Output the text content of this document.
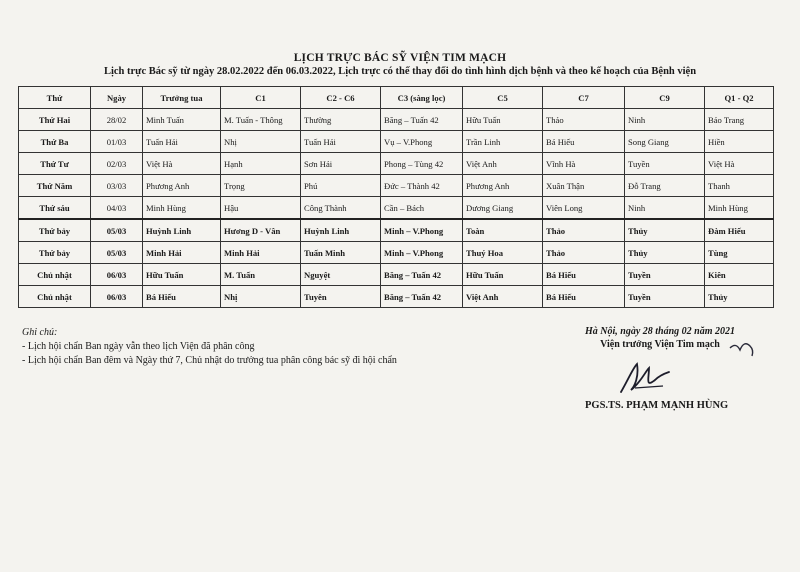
LỊCH TRỰC BÁC SỸ VIỆN TIM MẠCH
Lịch trực Bác sỹ từ ngày 28.02.2022 đến 06.03.2022, Lịch trực có thể thay đổi do tình hình dịch bệnh và theo kế hoạch của Bệnh viện
Thứ	Ngày	Trưởng tua	C1	C2 - C6	C3 (sàng lọc)	C5	C7	C9	Q1 - Q2
Thứ Hai	28/02	Minh Tuấn	M. Tuấn - Thông	Thường	Băng – Tuấn 42	Hữu Tuấn	Thảo	Ninh	Bảo Trang
Thứ Ba	01/03	Tuấn Hải	Nhị	Tuấn Hải	Vụ – V.Phong	Trần Linh	Bá Hiếu	Song Giang	Hiền
Thứ Tư	02/03	Việt Hà	Hạnh	Sơn Hải	Phong – Tùng 42	Việt Anh	Vĩnh Hà	Tuyền	Việt Hà
Thứ Năm	03/03	Phương Anh	Trọng	Phú	Đức – Thành 42	Phương Anh	Xuân Thận	Đỗ Trang	Thanh
Thứ sáu	04/03	Minh Hùng	Hậu	Công Thành	Cần – Bách	Dương Giang	Viên Long	Ninh	Minh Hùng
Thứ bảy	05/03	Huỳnh Linh	Hương D - Vân	Huỳnh Linh	Minh – V.Phong	Toàn	Thảo	Thủy	Đàm Hiếu
Thứ bảy	05/03	Minh Hải	Minh Hải	Tuấn Minh	Minh – V.Phong	Thuý Hoa	Thảo	Thủy	Tùng
Chủ nhật	06/03	Hữu Tuấn	M. Tuấn	Nguyệt	Băng – Tuấn 42	Hữu Tuấn	Bá Hiếu	Tuyền	Kiên
Chủ nhật	06/03	Bá Hiếu	Nhị	Tuyên	Băng – Tuấn 42	Việt Anh	Bá Hiếu	Tuyền	Thủy
Ghi chú:
- Lịch hội chẩn Ban ngày vẫn theo lịch Viện đã phân công
- Lịch hội chẩn Ban đêm và Ngày thứ 7, Chủ nhật do trưởng tua phân công bác sỹ đi hội chẩn
Hà Nội, ngày 28 tháng 02 năm 2021
Viện trưởng Viện Tim mạch
PGS.TS. PHẠM MẠNH HÙNG
